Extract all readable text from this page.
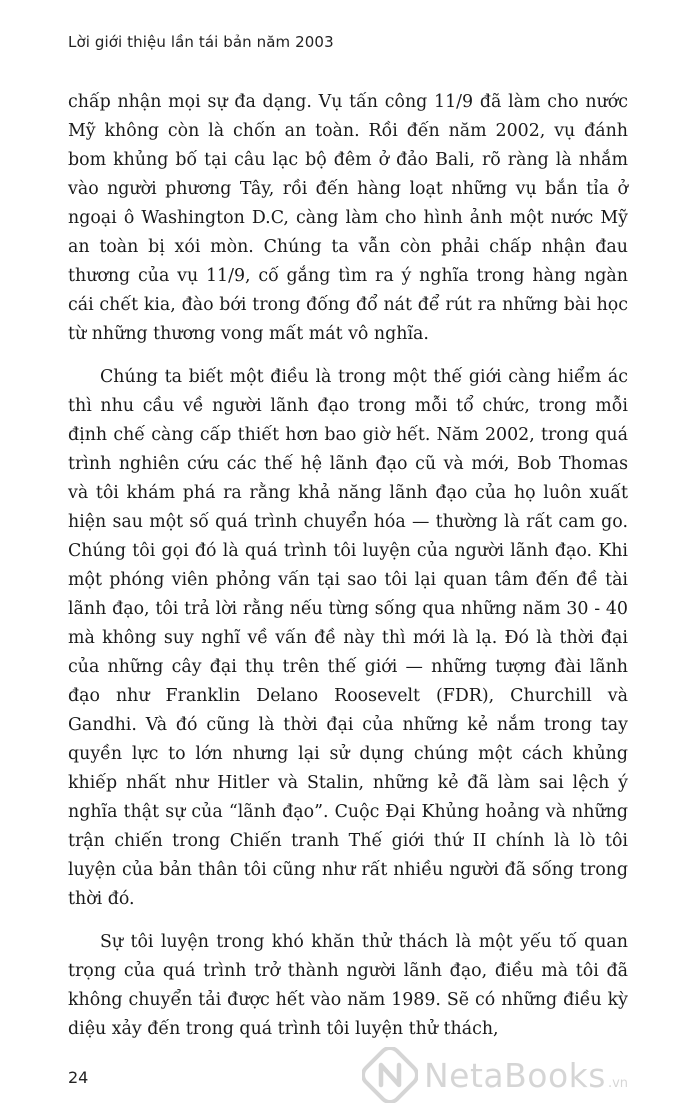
Lời giới thiệu lần tái bản năm 2003

chấp nhận mọi sự đa dạng. Vụ tấn công 11/9 đã làm cho nước Mỹ không còn là chốn an toàn. Rồi đến năm 2002, vụ đánh bom khủng bố tại câu lạc bộ đêm ở đảo Bali, rõ ràng là nhắm vào người phương Tây, rồi đến hàng loạt những vụ bắn tỉa ở ngoại ô Washington D.C, càng làm cho hình ảnh một nước Mỹ an toàn bị xói mòn. Chúng ta vẫn còn phải chấp nhận đau thương của vụ 11/9, cố gắng tìm ra ý nghĩa trong hàng ngàn cái chết kia, đào bới trong đống đổ nát để rút ra những bài học từ những thương vong mất mát vô nghĩa.

Chúng ta biết một điều là trong một thế giới càng hiểm ác thì nhu cầu về người lãnh đạo trong mỗi tổ chức, trong mỗi định chế càng cấp thiết hơn bao giờ hết. Năm 2002, trong quá trình nghiên cứu các thế hệ lãnh đạo cũ và mới, Bob Thomas và tôi khám phá ra rằng khả năng lãnh đạo của họ luôn xuất hiện sau một số quá trình chuyển hóa — thường là rất cam go. Chúng tôi gọi đó là quá trình tôi luyện của người lãnh đạo. Khi một phóng viên phỏng vấn tại sao tôi lại quan tâm đến đề tài lãnh đạo, tôi trả lời rằng nếu từng sống qua những năm 30 - 40 mà không suy nghĩ về vấn đề này thì mới là lạ. Đó là thời đại của những cây đại thụ trên thế giới — những tượng đài lãnh đạo như Franklin Delano Roosevelt (FDR), Churchill và Gandhi. Và đó cũng là thời đại của những kẻ nắm trong tay quyền lực to lớn nhưng lại sử dụng chúng một cách khủng khiếp nhất như Hitler và Stalin, những kẻ đã làm sai lệch ý nghĩa thật sự của “lãnh đạo”. Cuộc Đại Khủng hoảng và những trận chiến trong Chiến tranh Thế giới thứ II chính là lò tôi luyện của bản thân tôi cũng như rất nhiều người đã sống trong thời đó.

Sự tôi luyện trong khó khăn thử thách là một yếu tố quan trọng của quá trình trở thành người lãnh đạo, điều mà tôi đã không chuyển tải được hết vào năm 1989. Sẽ có những điều kỳ diệu xảy đến trong quá trình tôi luyện thử thách,

24	NetaBooks .vn
